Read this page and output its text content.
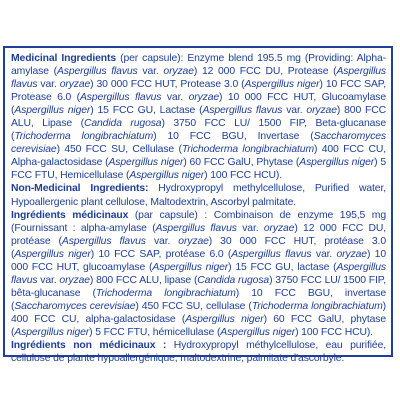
Medicinal Ingredients (per capsule): Enzyme blend 195.5 mg (Providing: Alpha-amylase (Aspergillus flavus var. oryzae) 12 000 FCC DU, Protease (Aspergillus flavus var. oryzae) 30 000 FCC HUT, Protease 3.0 (Aspergillus niger) 10 FCC SAP, Protease 6.0 (Aspergillus flavus var. oryzae) 10 000 FCC HUT, Glucoamylase (Aspergillus niger) 15 FCC GU, Lactase (Aspergillus flavus var. oryzae) 800 FCC ALU, Lipase (Candida rugosa) 3750 FCC LU/ 1500 FIP, Beta-glucanase (Trichoderma longibrachiatum) 10 FCC BGU, Invertase (Saccharomyces cerevisiae) 450 FCC SU, Cellulase (Trichoderma longibrachiatum) 400 FCC CU, Alpha-galactosidase (Aspergillus niger) 60 FCC GalU, Phytase (Aspergillus niger) 5 FCC FTU, Hemicellulase (Aspergillus niger) 100 FCC HCU).

Non-Medicinal Ingredients: Hydroxypropyl methylcellulose, Purified water, Hypoallergenic plant cellulose, Maltodextrin, Ascorbyl palmitate.

Ingrédients médicinaux (par capsule) : Combinaison de enzyme 195,5 mg (Fournissant : alpha-amylase (Aspergillus flavus var. oryzae) 12 000 FCC DU, protéase (Aspergillus flavus var. oryzae) 30 000 FCC HUT, protéase 3.0 (Aspergillus niger) 10 FCC SAP, protéase 6.0 (Aspergillus flavus var. oryzae) 10 000 FCC HUT, glucoamylase (Aspergillus niger) 15 FCC GU, lactase (Aspergillus flavus var. oryzae) 800 FCC ALU, lipase (Candida rugosa) 3750 FCC LU/ 1500 FIP, bêta-glucanase (Trichoderma longibrachiatum) 10 FCC BGU, invertase (Saccharomyces cerevisiae) 450 FCC SU, cellulase (Trichoderma longibrachiatum) 400 FCC CU, alpha-galactosidase (Aspergillus niger) 60 FCC GalU, phytase (Aspergillus niger) 5 FCC FTU, hémicellulase (Aspergillus niger) 100 FCC HCU).

Ingrédients non médicinaux : Hydroxypropyl méthylcellulose, eau purifiée, cellulose de plante hypoallergénique, maltodextrine, palmitate d'ascorbyle.
